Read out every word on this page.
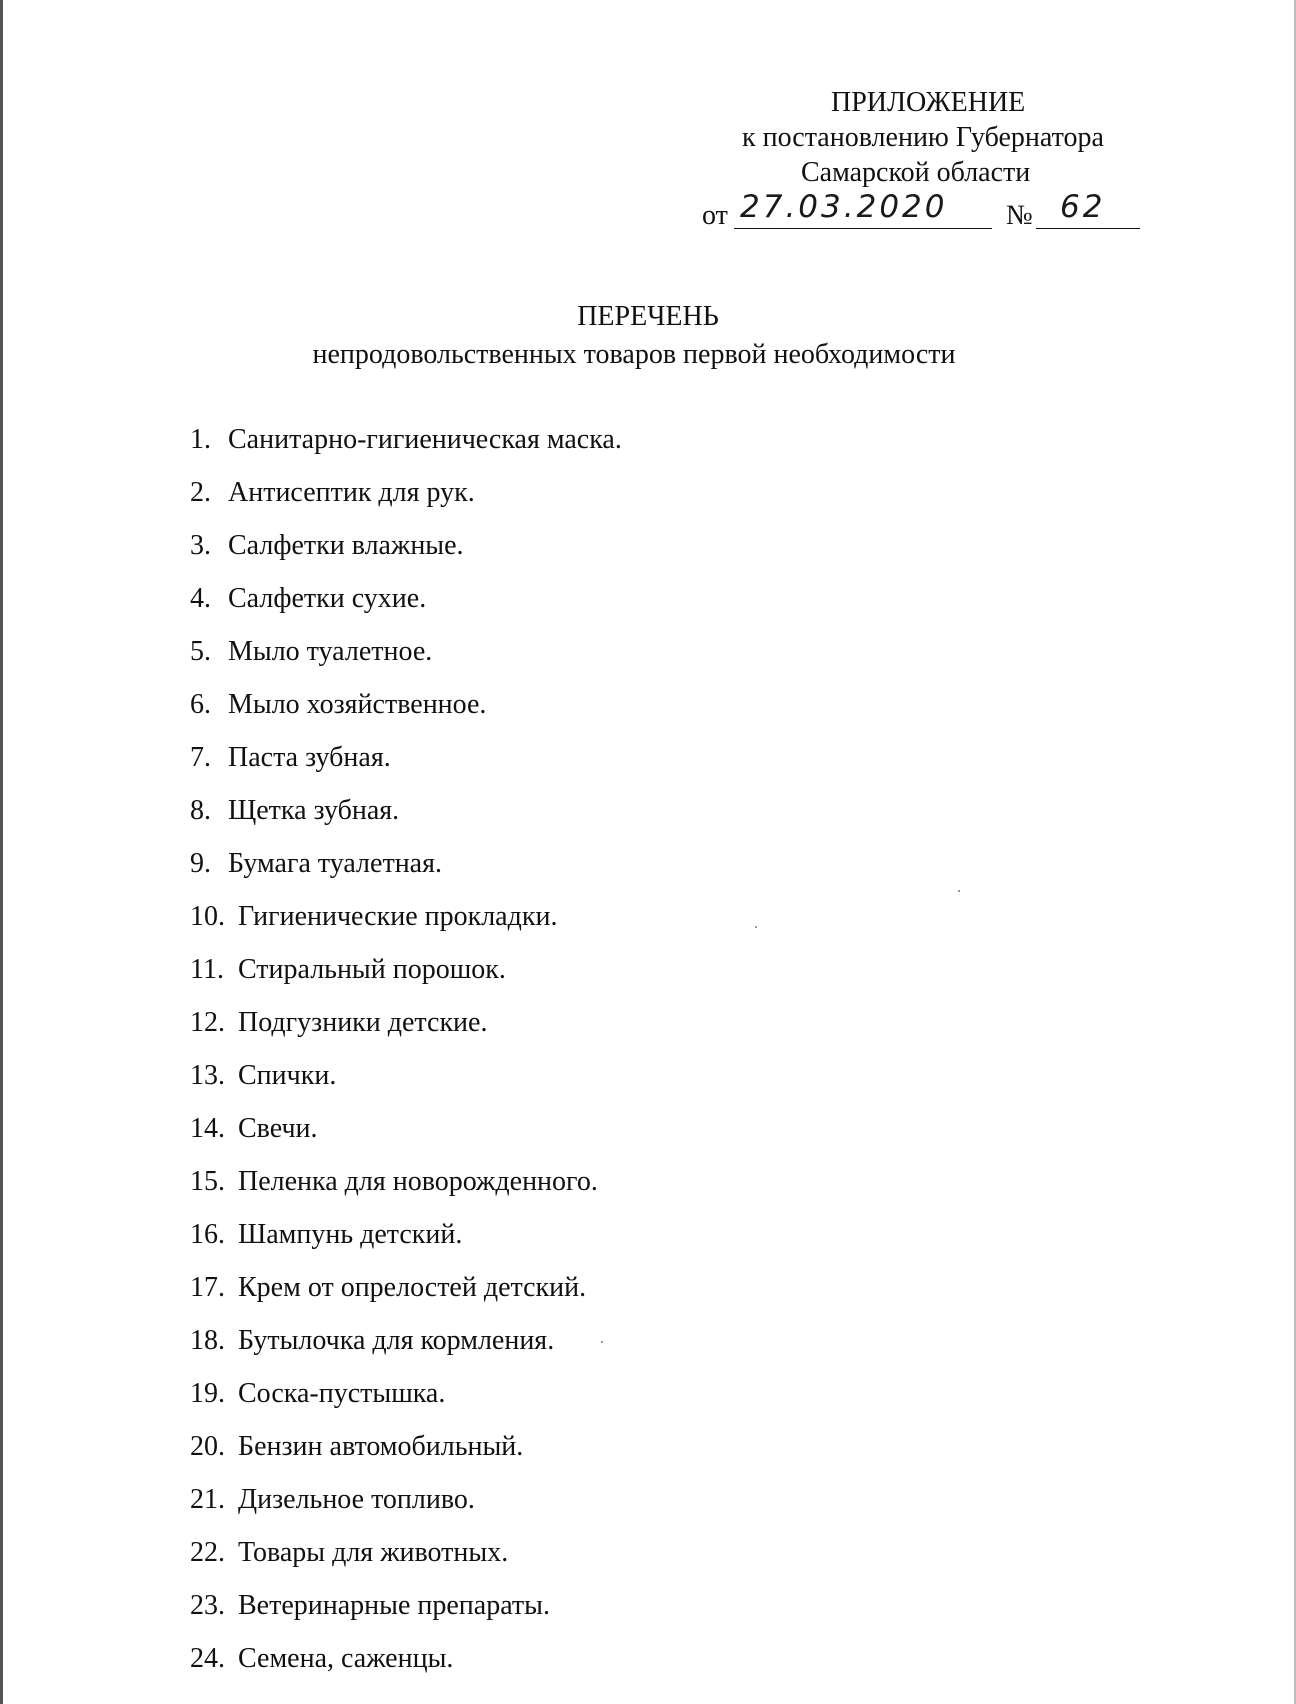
ПРИЛОЖЕНИЕ
к постановлению Губернатора
Самарской области
от 27.03.2020 № 62
ПЕРЕЧЕНЬ
непродовольственных товаров первой необходимости
1. Санитарно-гигиеническая маска.
2. Антисептик для рук.
3. Салфетки влажные.
4. Салфетки сухие.
5. Мыло туалетное.
6. Мыло хозяйственное.
7. Паста зубная.
8. Щетка зубная.
9. Бумага туалетная.
10. Гигиенические прокладки.
11. Стиральный порошок.
12. Подгузники детские.
13. Спички.
14. Свечи.
15. Пеленка для новорожденного.
16. Шампунь детский.
17. Крем от опрелостей детский.
18. Бутылочка для кормления.
19. Соска-пустышка.
20. Бензин автомобильный.
21. Дизельное топливо.
22. Товары для животных.
23. Ветеринарные препараты.
24. Семена, саженцы.
